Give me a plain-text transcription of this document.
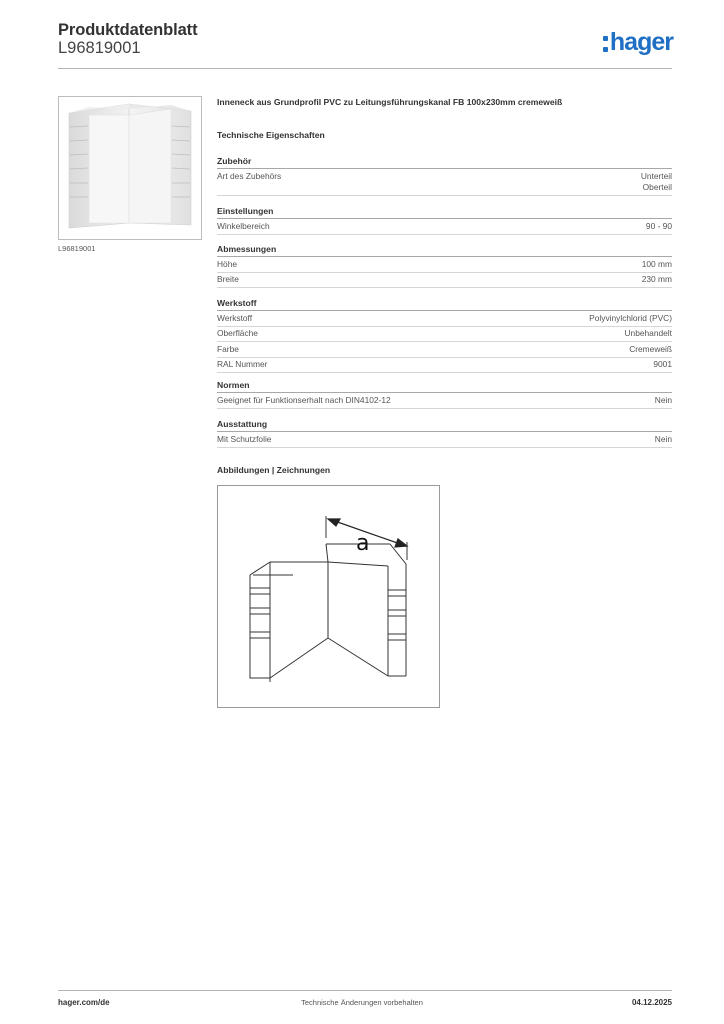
Produktdatenblatt
L96819001	hager
L96819001
Inneneck aus Grundprofil PVC zu Leitungsführungskanal FB 100x230mm cremeweiß
Technische Eigenschaften
Zubehör
Art des Zubehörs	Unterteil
Oberteil
Einstellungen
Winkelbereich	90 - 90
Abmessungen
Höhe	100 mm
Breite	230 mm
Werkstoff
Werkstoff	Polyvinylchlorid (PVC)
Oberfläche	Unbehandelt
Farbe	Cremeweiß
RAL Nummer	9001
Normen
Geeignet für Funktionserhalt nach DIN4102-12	Nein
Ausstattung
Mit Schutzfolie	Nein
Abbildungen | Zeichnungen
a
hager.com/de	Technische Änderungen vorbehalten	04.12.2025
